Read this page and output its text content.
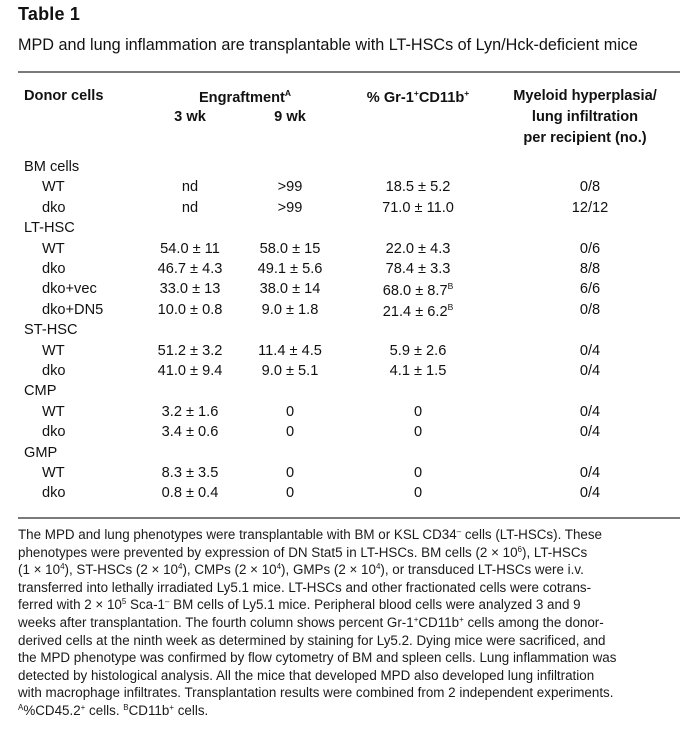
Table 1
MPD and lung inflammation are transplantable with LT-HSCs of Lyn/Hck-deficient mice
Donor cells	Engraftment$^A$
3 wk	9 wk
% Gr-1+CD11b+	Myeloid hyperplasia/
lung infiltration
per recipient (no.)
BM cells
WT	nd	>99	18.5 ± 5.2	0/8
dko	nd	>99	71.0 ± 11.0	12/12
LT-HSC
WT	54.0 ± 11	58.0 ± 15	22.0 ± 4.3	0/6
dko	46.7 ± 4.3 49.1 ± 5.6	78.4 ± 3.3	8/8
dko+vec	33.0 ± 13	38.0 ± 14	$68.0 \pm 8.7^B$	6/6
dko+DN5	10.0 ± 0.8	9.0 ± 1.8	$21.4 \pm 6.2^B$	0/8
ST-HSC
WT	51.2 ± 3.2 11.4 ± 4.5	5.9 ± 2.6	0/4
dko	41.0 ± 9.4	9.0 ± 5.1	4.1 ± 1.5	0/4
CMP
WT	3.2 ± 1.6	0	0	0/4
dko	3.4 ± 0.6	0	0	0/4
GMP
WT	8.3 ± 3.5	0	0	0/4
dko	0.8 ± 0.4	0	0	0/4
The MPD and lung phenotypes were transplantable with BM or KSL CD34– cells (LT-HSCs). These
phenotypes were prevented by expression of DN Stat5 in LT-HSCs. BM cells $(2 \times 10^6)$, LT-HSCs
$(1 \times 10^4)$, ST-HSCs $(2 \times 10^4)$, CMPs $(2 \times 10^4)$, GMPs $(2 \times 10^4)$, or transduced LT-HSCs were i.v.
transferred into lethally irradiated Ly5.1 mice. LT-HSCs and other fractionated cells were cotrans-
ferred with $2 \times 10^5$ Sca-1– BM cells of Ly5.1 mice. Peripheral blood cells were analyzed 3 and 9
weeks after transplantation. The fourth column shows percent Gr-1+CD11b+ cells among the donor-
derived cells at the ninth week as determined by staining for Ly5.2. Dying mice were sacrificed, and
the MPD phenotype was confirmed by flow cytometry of BM and spleen cells. Lung inflammation was
detected by histological analysis. All the mice that developed MPD also developed lung infiltration
with macrophage infiltrates. Transplantation results were combined from 2 independent experiments.
$^A$%CD45.2+ cells. $^B$CD11b+ cells.
